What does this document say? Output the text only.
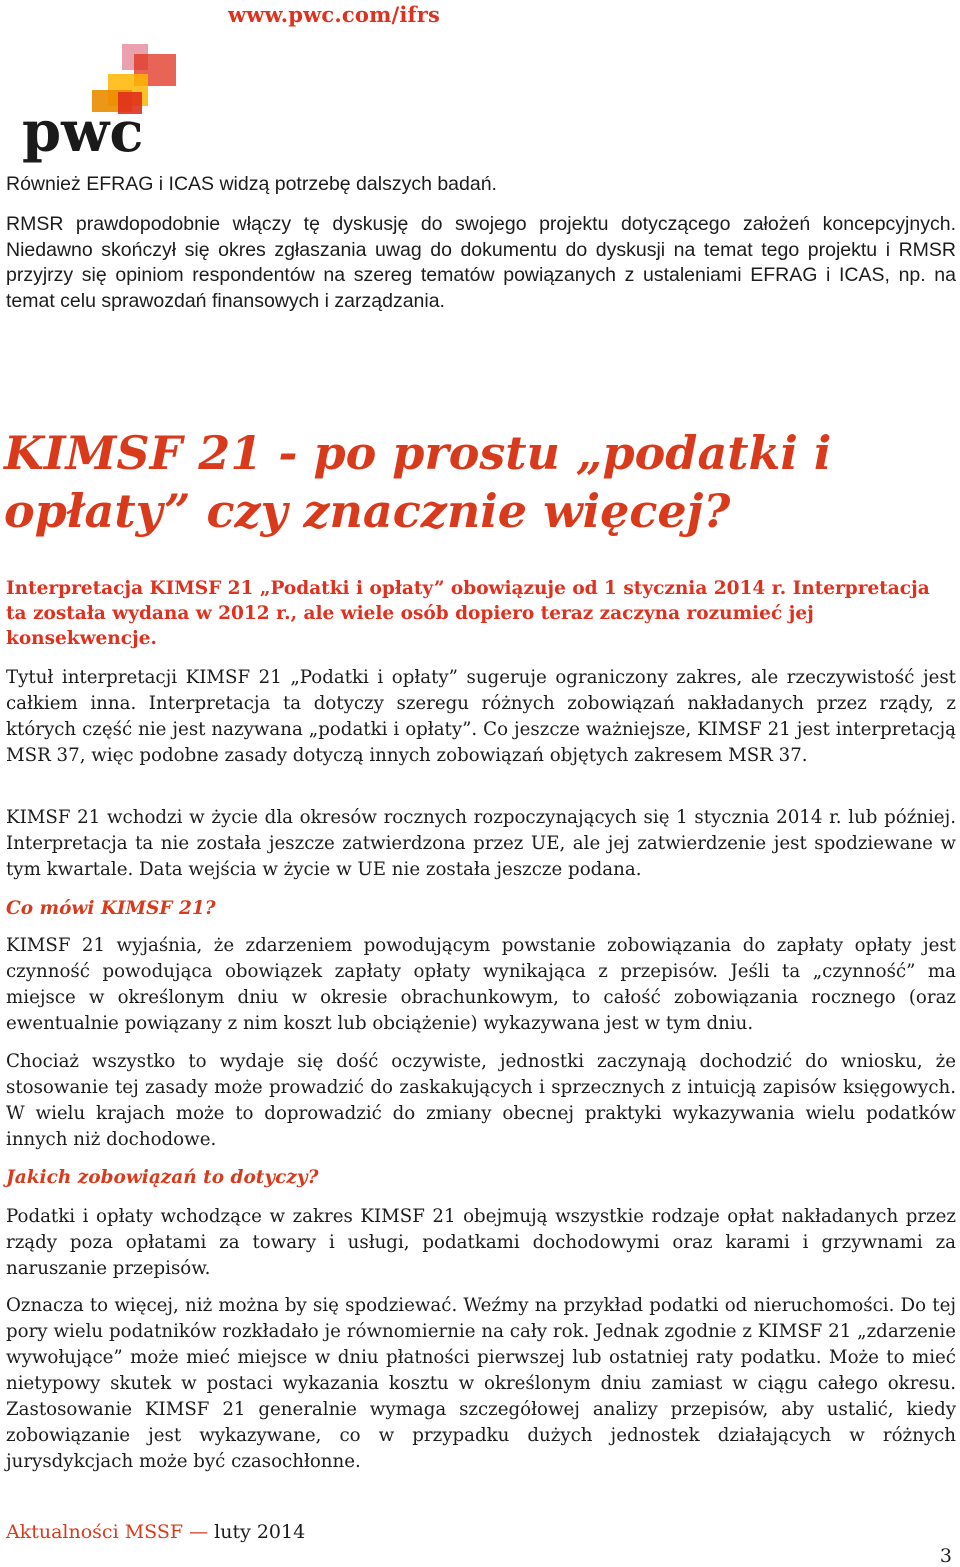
www.pwc.com/ifrs
pwc

Również EFRAG i ICAS widzą potrzebę dalszych badań.

RMSR prawdopodobnie włączy tę dyskusję do swojego projektu dotyczącego założeń koncepcyjnych. Niedawno skończył się okres zgłaszania uwag do dokumentu do dyskusji na temat tego projektu i RMSR przyjrzy się opiniom respondentów na szereg tematów powiązanych z ustaleniami EFRAG i ICAS, np. na temat celu sprawozdań finansowych i zarządzania.

KIMSF 21 - po prostu „podatki i opłaty” czy znacznie więcej?

Interpretacja KIMSF 21 „Podatki i opłaty” obowiązuje od 1 stycznia 2014 r. Interpretacja ta została wydana w 2012 r., ale wiele osób dopiero teraz zaczyna rozumieć jej konsekwencje.

Tytuł interpretacji KIMSF 21 „Podatki i opłaty” sugeruje ograniczony zakres, ale rzeczywistość jest całkiem inna. Interpretacja ta dotyczy szeregu różnych zobowiązań nakładanych przez rządy, z których część nie jest nazywana „podatki i opłaty”. Co jeszcze ważniejsze, KIMSF 21 jest interpretacją MSR 37, więc podobne zasady dotyczą innych zobowiązań objętych zakresem MSR 37.

KIMSF 21 wchodzi w życie dla okresów rocznych rozpoczynających się 1 stycznia 2014 r. lub później. Interpretacja ta nie została jeszcze zatwierdzona przez UE, ale jej zatwierdzenie jest spodziewane w tym kwartale. Data wejścia w życie w UE nie została jeszcze podana.

Co mówi KIMSF 21?

KIMSF 21 wyjaśnia, że zdarzeniem powodującym powstanie zobowiązania do zapłaty opłaty jest czynność powodująca obowiązek zapłaty opłaty wynikająca z przepisów. Jeśli ta „czynność” ma miejsce w określonym dniu w okresie obrachunkowym, to całość zobowiązania rocznego (oraz ewentualnie powiązany z nim koszt lub obciążenie) wykazywana jest w tym dniu.

Chociaż wszystko to wydaje się dość oczywiste, jednostki zaczynają dochodzić do wniosku, że stosowanie tej zasady może prowadzić do zaskakujących i sprzecznych z intuicją zapisów księgowych. W wielu krajach może to doprowadzić do zmiany obecnej praktyki wykazywania wielu podatków innych niż dochodowe.

Jakich zobowiązań to dotyczy?

Podatki i opłaty wchodzące w zakres KIMSF 21 obejmują wszystkie rodzaje opłat nakładanych przez rządy poza opłatami za towary i usługi, podatkami dochodowymi oraz karami i grzywnami za naruszanie przepisów.

Oznacza to więcej, niż można by się spodziewać. Weźmy na przykład podatki od nieruchomości. Do tej pory wielu podatników rozkładało je równomiernie na cały rok. Jednak zgodnie z KIMSF 21 „zdarzenie wywołujące” może mieć miejsce w dniu płatności pierwszej lub ostatniej raty podatku. Może to mieć nietypowy skutek w postaci wykazania kosztu w określonym dniu zamiast w ciągu całego okresu. Zastosowanie KIMSF 21 generalnie wymaga szczegółowej analizy przepisów, aby ustalić, kiedy zobowiązanie jest wykazywane, co w przypadku dużych jednostek działających w różnych jurysdykcjach może być czasochłonne.

Aktualności MSSF — luty 2014
3
